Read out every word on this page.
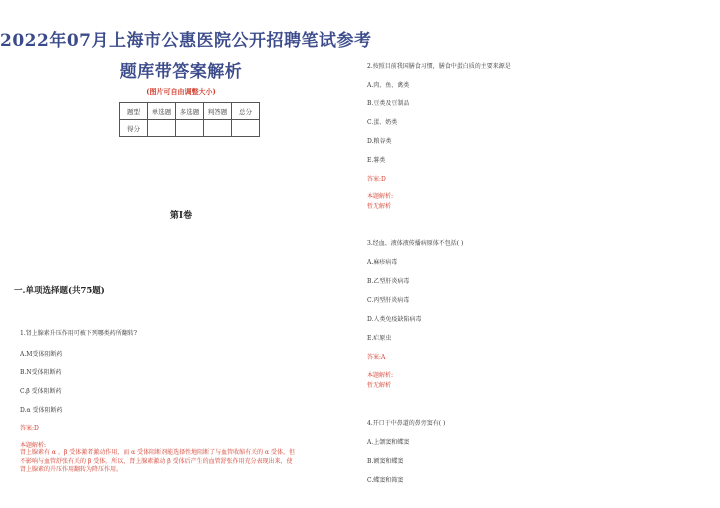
2022年07月上海市公惠医院公开招聘笔试参考
题库带答案解析
(图片可自由调整大小)
题型	单选题	多选题	判答题	总分
得分				
第I卷
一.单项选择题(共75题)
1.肾上腺素升压作用可被下列哪类药所翻转?
A.M受体阻断药
B.N受体阻断药
C.β 受体阻断药
D.α 受体阻断药
答案:D
本题解析:
肾上腺素有 α 、β 受体激者激动作用，而 α 受体阻断剂能选择性地阻断了与血管收缩有关的 α 受体，但
不影响与血管舒张有关的 β 受体。所以，肾上腺素激动 β 受体后产生的血管舒张作用充分表现出来，使
肾上腺素的升压作用翻转为降压作用。
2.按照目前我国膳食习惯，膳食中蛋白质的主要来源是
A.肉、鱼、禽类
B.豆类及豆制品
C.蛋、奶类
D.粮谷类
E.薯类
答案:D
本题解析:
暂无解析
3.经血、液体液传播病原体不包括( )
A.麻疹病毒
B.乙型肝炎病毒
C.丙型肝炎病毒
D.人类免疫缺陷病毒
E.疟原虫
答案:A
本题解析:
暂无解析
4.开口于中鼻道的鼻旁窦有( )
A.上颌窦和蝶窦
B.额窦和蝶窦
C.蝶窦和筛窦
